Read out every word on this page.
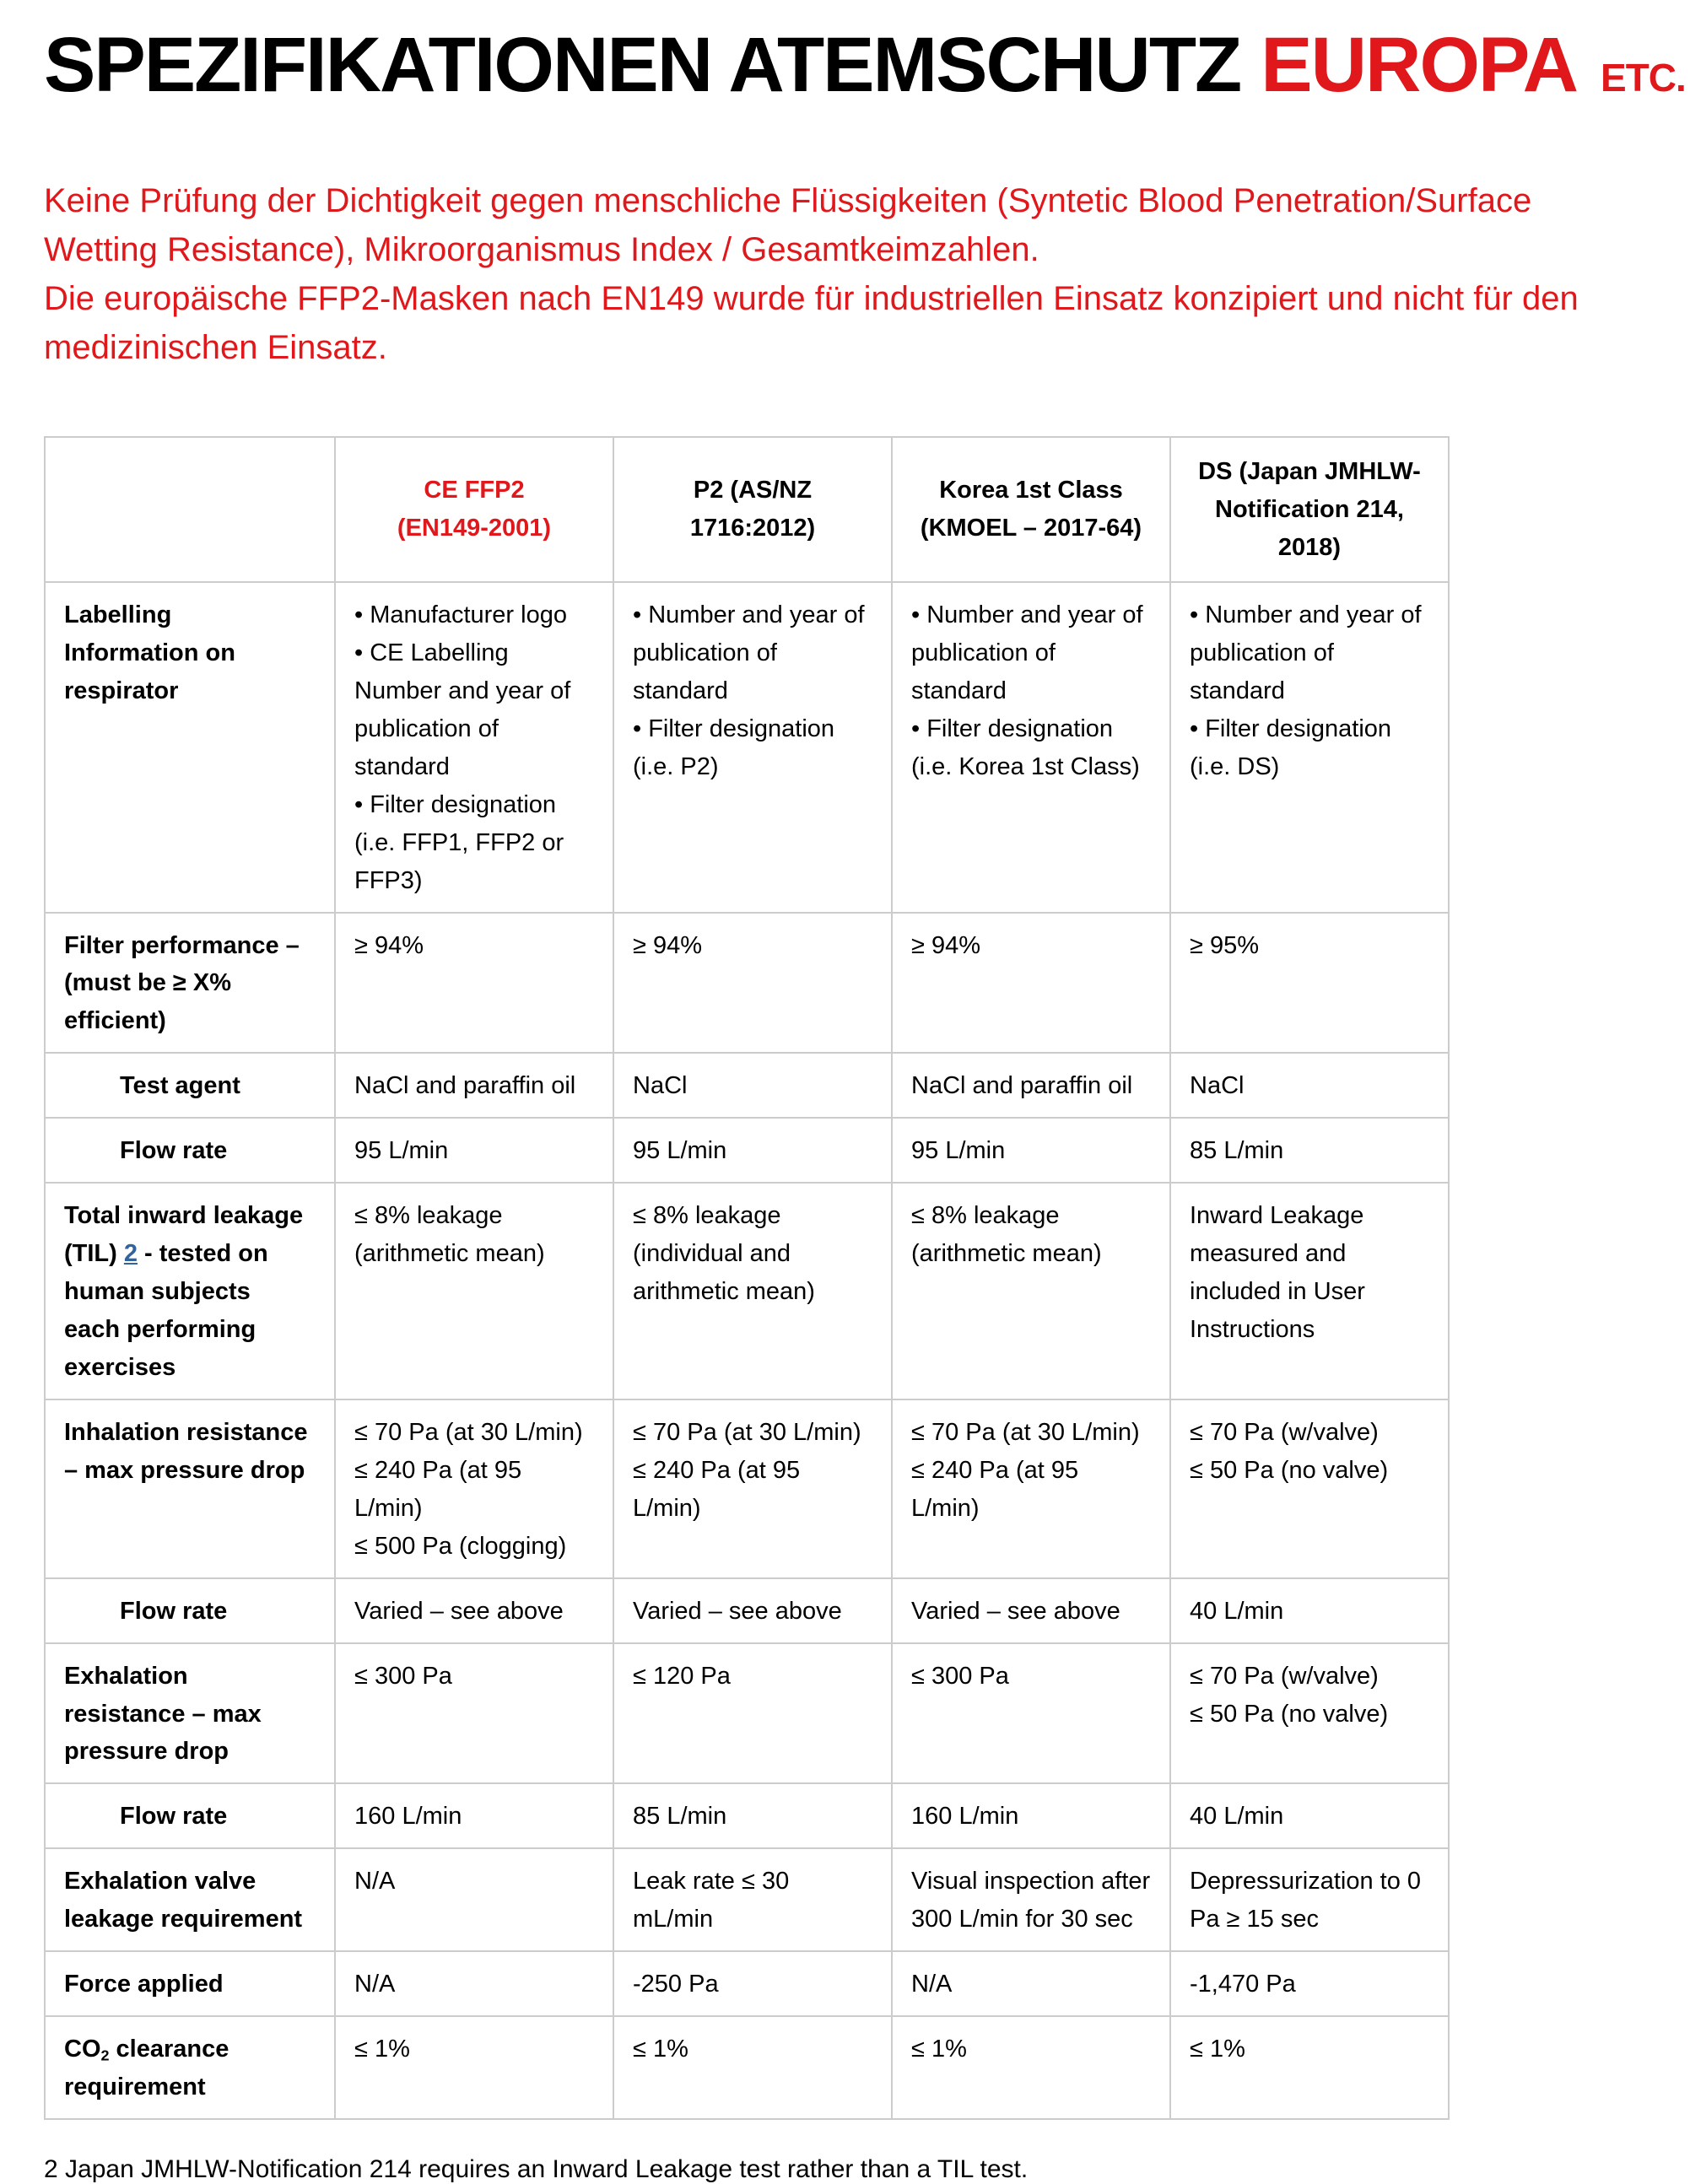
SPEZIFIKATIONEN ATEMSCHUTZ EUROPA ETC.
Keine Prüfung der Dichtigkeit gegen menschliche Flüssigkeiten (Syntetic Blood Penetration/Surface Wetting Resistance), Mikroorganismus Index / Gesamtkeimzahlen.
Die europäische FFP2-Masken nach EN149 wurde für industriellen Einsatz konzipiert und nicht für den medizinischen Einsatz.
	CE FFP2
(EN149-2001)	P2 (AS/NZ
1716:2012)	Korea 1st Class
(KMOEL – 2017-64)	DS (Japan JMHLW-
Notification 214,
2018)
Labelling
Information on
respirator	• Manufacturer logo
• CE Labelling
Number and year of
publication of
standard
• Filter designation
(i.e. FFP1, FFP2 or
FFP3)	• Number and year of
publication of
standard
• Filter designation
(i.e. P2)	• Number and year of
publication of
standard
• Filter designation
(i.e. Korea 1st Class)	• Number and year of
publication of
standard
• Filter designation
(i.e. DS)
Filter performance –
(must be ≥ X%
efficient)	≥ 94%	≥ 94%	≥ 94%	≥ 95%
Test agent	NaCl and paraffin oil	NaCl	NaCl and paraffin oil	NaCl
Flow rate	95 L/min	95 L/min	95 L/min	85 L/min
Total inward leakage
(TIL) 2 - tested on
human subjects
each performing
exercises	≤ 8% leakage
(arithmetic mean)	≤ 8% leakage
(individual and
arithmetic mean)	≤ 8% leakage
(arithmetic mean)	Inward Leakage
measured and
included in User
Instructions
Inhalation resistance
– max pressure drop	≤ 70 Pa (at 30 L/min)
≤ 240 Pa (at 95
L/min)
≤ 500 Pa (clogging)	≤ 70 Pa (at 30 L/min)
≤ 240 Pa (at 95
L/min)	≤ 70 Pa (at 30 L/min)
≤ 240 Pa (at 95
L/min)	≤ 70 Pa (w/valve)
≤ 50 Pa (no valve)
Flow rate	Varied – see above	Varied – see above	Varied – see above	40 L/min
Exhalation
resistance – max
pressure drop	≤ 300 Pa	≤ 120 Pa	≤ 300 Pa	≤ 70 Pa (w/valve)
≤ 50 Pa (no valve)
Flow rate	160 L/min	85 L/min	160 L/min	40 L/min
Exhalation valve
leakage requirement	N/A	Leak rate ≤ 30
mL/min	Visual inspection after
300 L/min for 30 sec	Depressurization to 0
Pa ≥ 15 sec
Force applied	N/A	-250 Pa	N/A	-1,470 Pa
CO2 clearance
requirement	≤ 1%	≤ 1%	≤ 1%	≤ 1%
2 Japan JMHLW-Notification 214 requires an Inward Leakage test rather than a TIL test.
